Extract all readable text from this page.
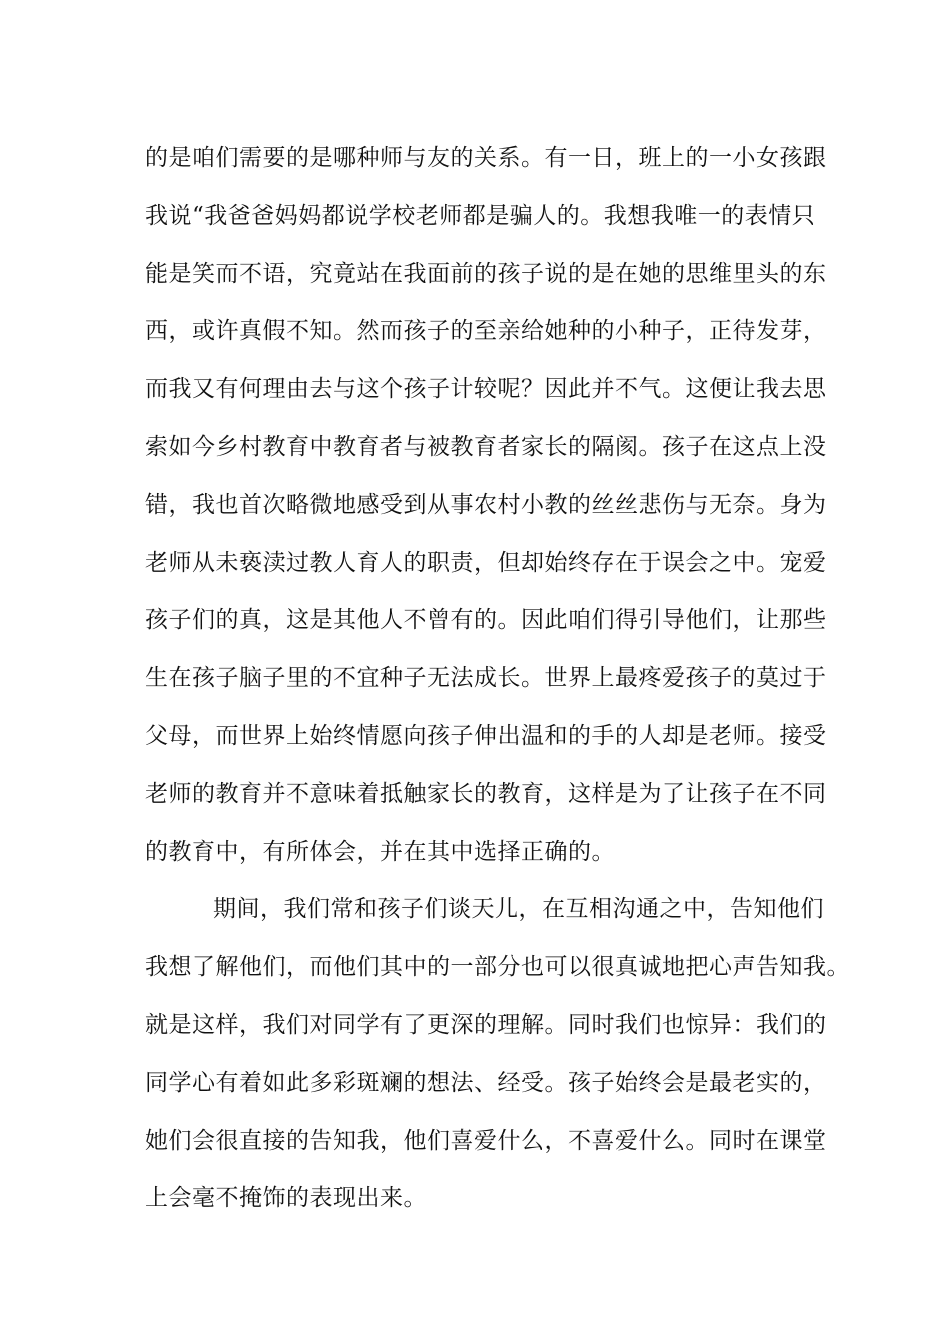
的是咱们需要的是哪种师与友的关系。有一日，班上的一小女孩跟
我说“我爸爸妈妈都说学校老师都是骗人的。我想我唯一的表情只
能是笑而不语，究竟站在我面前的孩子说的是在她的思维里头的东
西，或许真假不知。然而孩子的至亲给她种的小种子，正待发芽，
而我又有何理由去与这个孩子计较呢？因此并不气。这便让我去思
索如今乡村教育中教育者与被教育者家长的隔阂。孩子在这点上没
错，我也首次略微地感受到从事农村小教的丝丝悲伤与无奈。身为
老师从未亵渎过教人育人的职责，但却始终存在于误会之中。宠爱
孩子们的真，这是其他人不曾有的。因此咱们得引导他们，让那些
生在孩子脑子里的不宜种子无法成长。世界上最疼爱孩子的莫过于
父母，而世界上始终情愿向孩子伸出温和的手的人却是老师。接受
老师的教育并不意味着抵触家长的教育，这样是为了让孩子在不同
的教育中，有所体会，并在其中选择正确的。
期间，我们常和孩子们谈天儿，在互相沟通之中，告知他们
我想了解他们，而他们其中的一部分也可以很真诚地把心声告知我。
就是这样，我们对同学有了更深的理解。同时我们也惊异：我们的
同学心有着如此多彩斑斓的想法、经受。孩子始终会是最老实的，
她们会很直接的告知我，他们喜爱什么，不喜爱什么。同时在课堂
上会毫不掩饰的表现出来。
